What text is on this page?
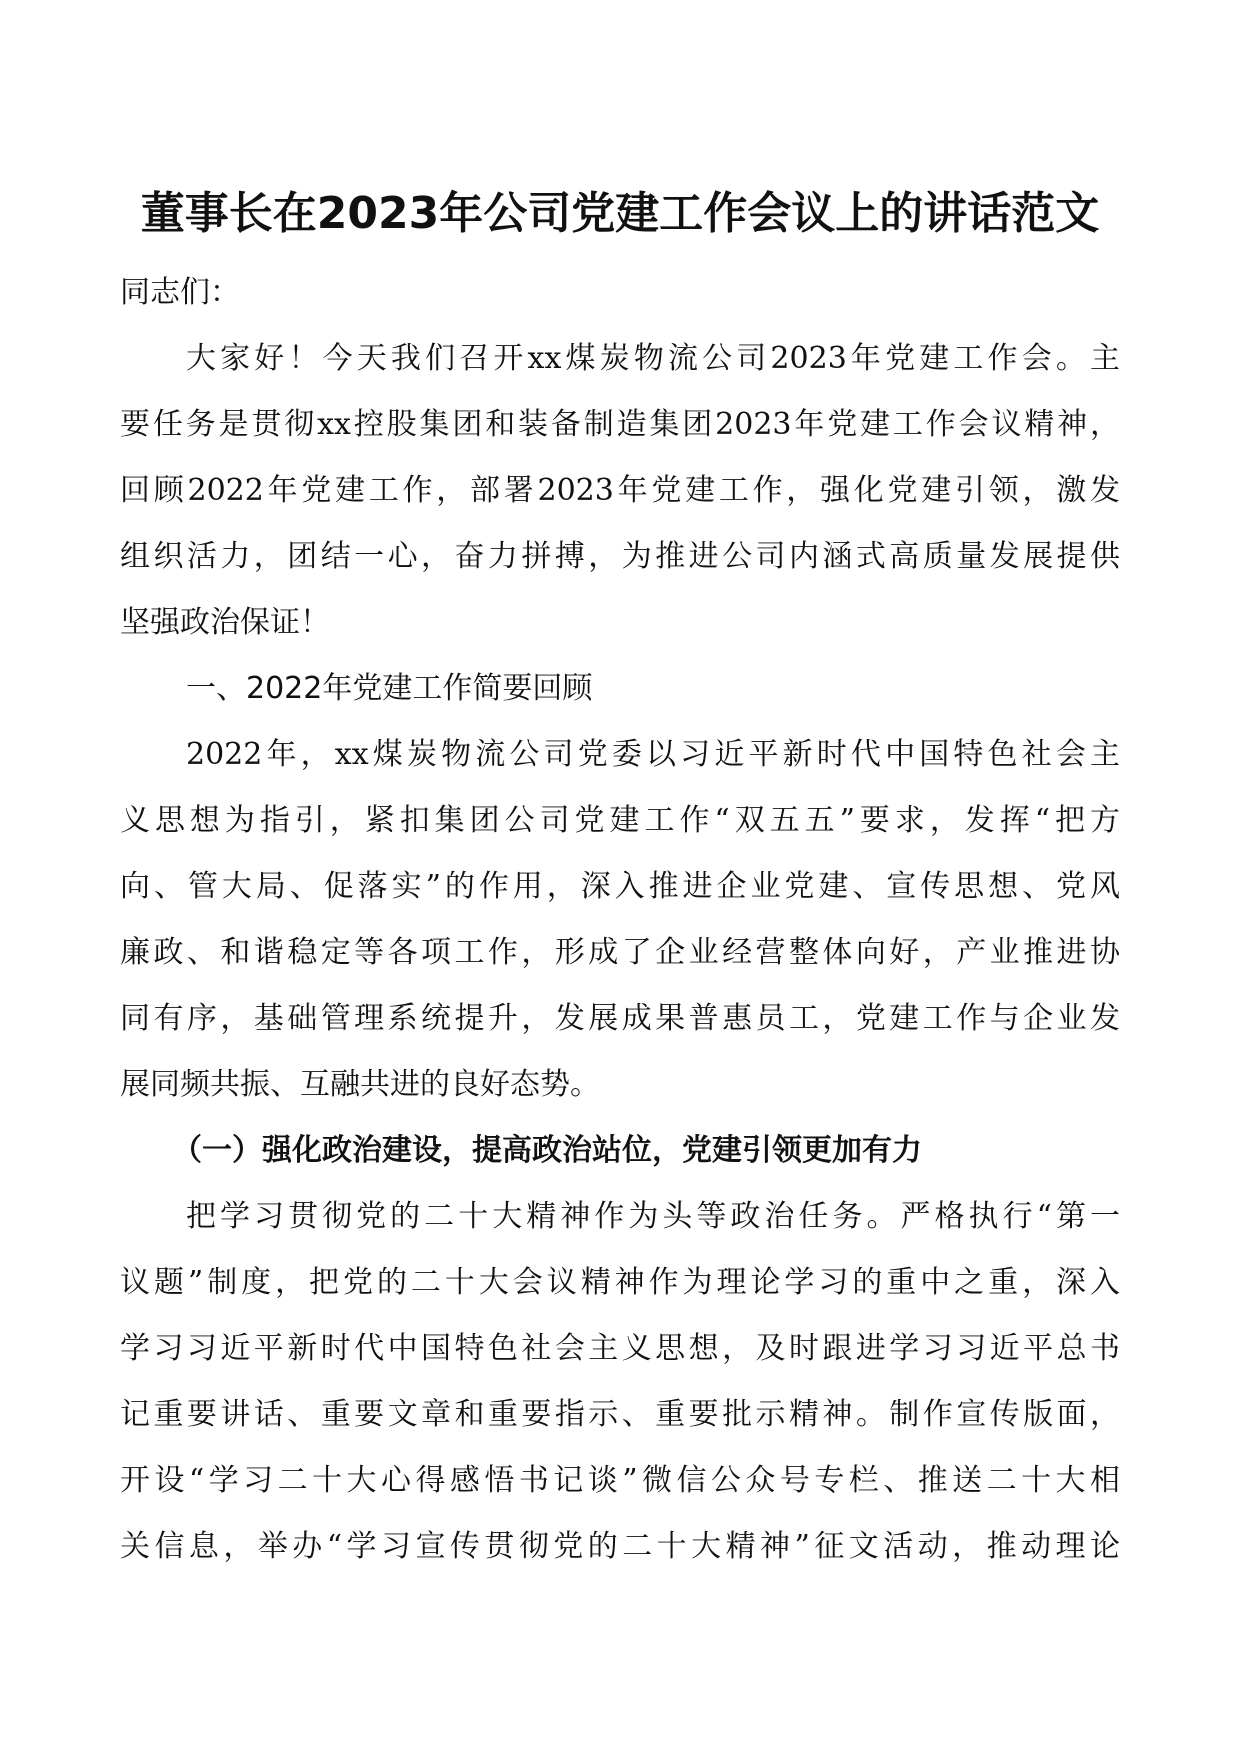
董事长在2023年公司党建工作会议上的讲话范文

同志们：

大家好！今天我们召开xx煤炭物流公司2023年党建工作会。主
要任务是贯彻xx控股集团和装备制造集团2023年党建工作会议精神，
回顾2022年党建工作，部署2023年党建工作，强化党建引领，激发
组织活力，团结一心，奋力拼搏，为推进公司内涵式高质量发展提供
坚强政治保证！

一、2022年党建工作简要回顾

2022年，xx煤炭物流公司党委以习近平新时代中国特色社会主
义思想为指引，紧扣集团公司党建工作“双五五”要求，发挥“把方
向、管大局、促落实”的作用，深入推进企业党建、宣传思想、党风
廉政、和谐稳定等各项工作，形成了企业经营整体向好，产业推进协
同有序，基础管理系统提升，发展成果普惠员工，党建工作与企业发
展同频共振、互融共进的良好态势。

（一）强化政治建设，提高政治站位，党建引领更加有力

把学习贯彻党的二十大精神作为头等政治任务。严格执行“第一
议题”制度，把党的二十大会议精神作为理论学习的重中之重，深入
学习习近平新时代中国特色社会主义思想，及时跟进学习习近平总书
记重要讲话、重要文章和重要指示、重要批示精神。制作宣传版面，
开设“学习二十大心得感悟书记谈”微信公众号专栏、推送二十大相
关信息，举办“学习宣传贯彻党的二十大精神”征文活动，推动理论
